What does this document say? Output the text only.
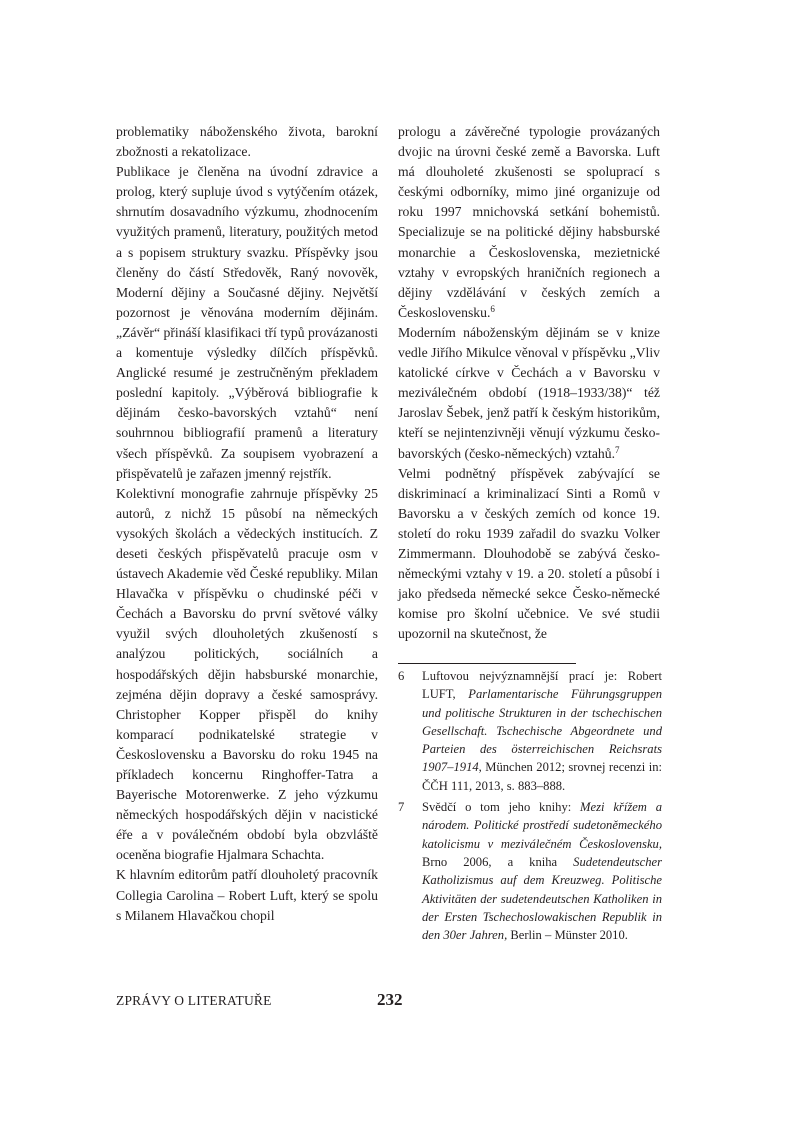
problematiky náboženského života, barokní zbožnosti a rekatolizace.

Publikace je členěna na úvodní zdravice a prolog, který supluje úvod s vytýčením otázek, shrnutím dosavadního výzkumu, zhodnocením využitých pramenů, literatury, použitých metod a s popisem struktury svazku. Příspěvky jsou členěny do částí Středověk, Raný novověk, Moderní dějiny a Současné dějiny. Největší pozornost je věnována moderním dějinám. „Závěr“ přináší klasifikaci tří typů provázanosti a komentuje výsledky dílčích příspěvků. Anglické resumé je zestručněným překladem poslední kapitoly. „Výběrová bibliografie k dějinám česko-bavorských vztahů“ není souhrnnou bibliografií pramenů a literatury všech příspěvků. Za soupisem vyobrazení a přispěvatelů je zařazen jmenný rejstřík.

Kolektivní monografie zahrnuje příspěvky 25 autorů, z nichž 15 působí na německých vysokých školách a vědeckých institucích. Z deseti českých přispěvatelů pracuje osm v ústavech Akademie věd České republiky. Milan Hlavačka v příspěvku o chudinské péči v Čechách a Bavorsku do první světové války využil svých dlouholetých zkušeností s analýzou politických, sociálních a hospodářských dějin habsburské monarchie, zejména dějin dopravy a české samosprávy. Christopher Kopper přispěl do knihy komparací podnikatelské strategie v Československu a Bavorsku do roku 1945 na příkladech koncernu Ringhoffer-Tatra a Bayerische Motorenwerke. Z jeho výzkumu německých hospodářských dějin v nacistické éře a v poválečném období byla obzvláště oceněna biografie Hjalmara Schachta.

K hlavním editorům patří dlouholetý pracovník Collegia Carolina – Robert Luft, který se spolu s Milanem Hlavačkou chopil

prologu a závěrečné typologie provázaných dvojic na úrovni české země a Bavorska. Luft má dlouholeté zkušenosti se spoluprací s českými odborníky, mimo jiné organizuje od roku 1997 mnichovská setkání bohemistů. Specializuje se na politické dějiny habsburské monarchie a Československa, mezietnické vztahy v evropských hraničních regionech a dějiny vzdělávání v českých zemích a Československu.$^6$

Moderním náboženským dějinám se v knize vedle Jiřího Mikulce věnoval v příspěvku „Vliv katolické církve v Čechách a v Bavorsku v meziválečném období (1918–1933/38)“ též Jaroslav Šebek, jenž patří k českým historikům, kteří se nejintenzivněji věnují výzkumu česko-bavorských (česko-německých) vztahů.$^7$

Velmi podnětný příspěvek zabývající se diskriminací a kriminalizací Sinti a Romů v Bavorsku a v českých zemích od konce 19. století do roku 1939 zařadil do svazku Volker Zimmermann. Dlouhodobě se zabývá česko-německými vztahy v 19. a 20. století a působí i jako předseda německé sekce Česko-německé komise pro školní učebnice. Ve své studii upozornil na skutečnost, že

6 Luftovou nejvýznamnější prací je: Robert LUFT, Parlamentarische Führungsgruppen und politische Strukturen in der tschechischen Gesellschaft. Tschechische Abgeordnete und Parteien des österreichischen Reichsrats 1907–1914, München 2012; srovnej recenzi in: ČČH 111, 2013, s. 883–888.

7 Svědčí o tom jeho knihy: Mezi křížem a národem. Politické prostředí sudetoněmeckého katolicismu v meziválečném Československu, Brno 2006, a kniha Sudetendeutscher Katholizismus auf dem Kreuzweg. Politische Aktivitäten der sudetendeutschen Katholiken in der Ersten Tschechoslowakischen Republik in den 30er Jahren, Berlin – Münster 2010.

ZPRÁVY O LITERATUŘE	232
